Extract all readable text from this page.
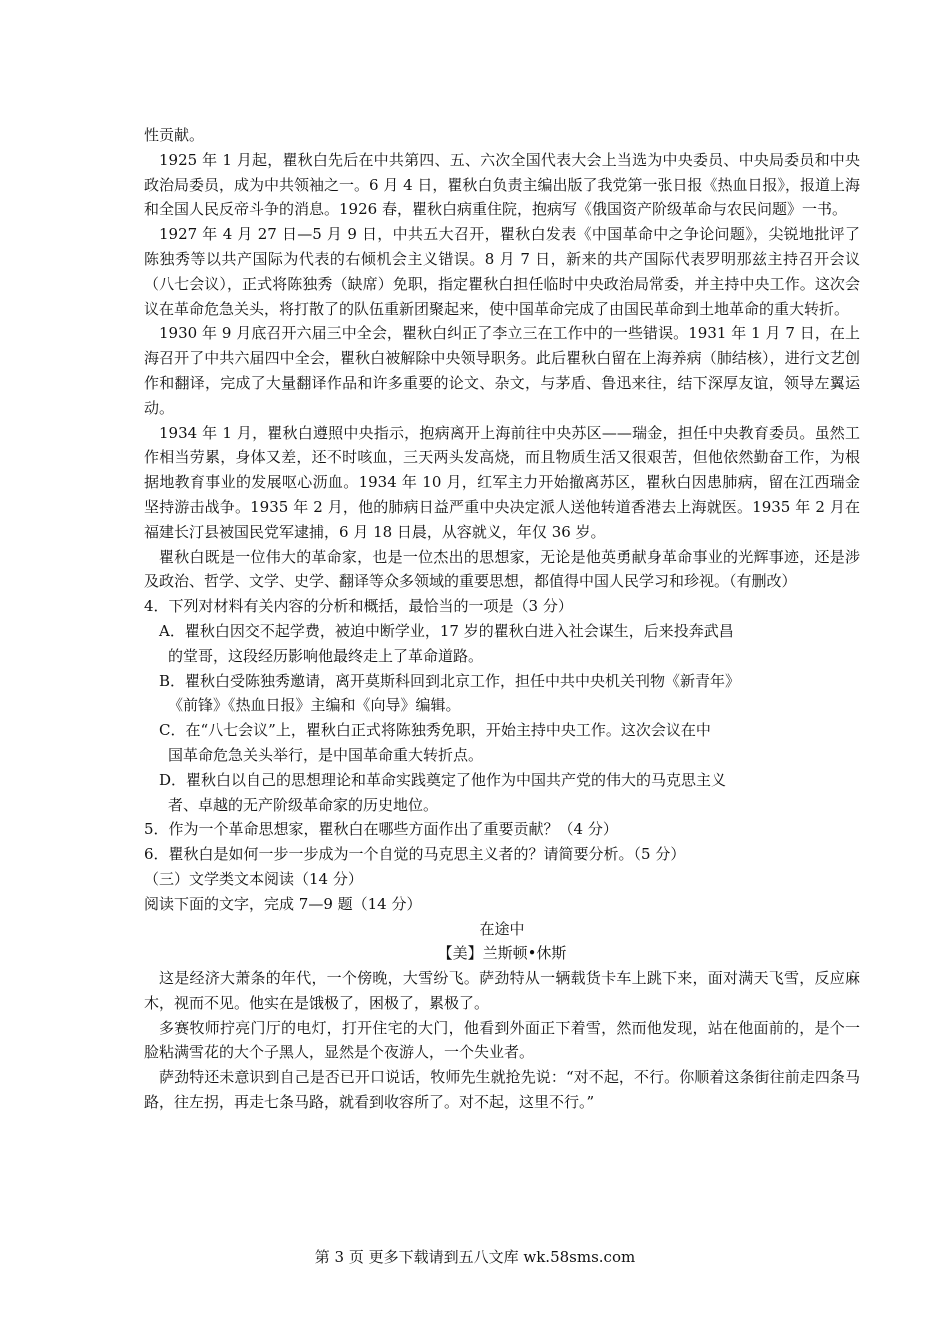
性贡献。

1925 年 1 月起，瞿秋白先后在中共第四、五、六次全国代表大会上当选为中央委员、中央局委员和中央政治局委员，成为中共领袖之一。6 月 4 日，瞿秋白负责主编出版了我党第一张日报《热血日报》，报道上海和全国人民反帝斗争的消息。1926 春，瞿秋白病重住院，抱病写《俄国资产阶级革命与农民问题》一书。

1927 年 4 月 27 日—5 月 9 日，中共五大召开，瞿秋白发表《中国革命中之争论问题》，尖锐地批评了陈独秀等以共产国际为代表的右倾机会主义错误。8 月 7 日，新来的共产国际代表罗明那兹主持召开会议（八七会议），正式将陈独秀（缺席）免职，指定瞿秋白担任临时中央政治局常委，并主持中央工作。这次会议在革命危急关头，将打散了的队伍重新团聚起来，使中国革命完成了由国民革命到土地革命的重大转折。

1930 年 9 月底召开六届三中全会，瞿秋白纠正了李立三在工作中的一些错误。1931 年 1 月 7 日，在上海召开了中共六届四中全会，瞿秋白被解除中央领导职务。此后瞿秋白留在上海养病（肺结核），进行文艺创作和翻译，完成了大量翻译作品和许多重要的论文、杂文，与茅盾、鲁迅来往，结下深厚友谊，领导左翼运动。

1934 年 1 月，瞿秋白遵照中央指示，抱病离开上海前往中央苏区——瑞金，担任中央教育委员。虽然工作相当劳累，身体又差，还不时咳血，三天两头发高烧，而且物质生活又很艰苦，但他依然勤奋工作，为根据地教育事业的发展呕心沥血。1934 年 10 月，红军主力开始撤离苏区，瞿秋白因患肺病，留在江西瑞金坚持游击战争。1935 年 2 月，他的肺病日益严重中央决定派人送他转道香港去上海就医。1935 年 2 月在福建长汀县被国民党军逮捕，6 月 18 日晨，从容就义，年仅 36 岁。

瞿秋白既是一位伟大的革命家，也是一位杰出的思想家，无论是他英勇献身革命事业的光辉事迹，还是涉及政治、哲学、文学、史学、翻译等众多领域的重要思想，都值得中国人民学习和珍视。（有删改）

4．下列对材料有关内容的分析和概括，最恰当的一项是（3 分）

A．瞿秋白因交不起学费，被迫中断学业，17 岁的瞿秋白进入社会谋生，后来投奔武昌

的堂哥，这段经历影响他最终走上了革命道路。

B．瞿秋白受陈独秀邀请，离开莫斯科回到北京工作，担任中共中央机关刊物《新青年》

《前锋》《热血日报》主编和《向导》编辑。

C．在“八七会议”上，瞿秋白正式将陈独秀免职，开始主持中央工作。这次会议在中

国革命危急关头举行，是中国革命重大转折点。

D．瞿秋白以自己的思想理论和革命实践奠定了他作为中国共产党的伟大的马克思主义

者、卓越的无产阶级革命家的历史地位。

5．作为一个革命思想家，瞿秋白在哪些方面作出了重要贡献？（4 分）

6．瞿秋白是如何一步一步成为一个自觉的马克思主义者的？请简要分析。（5 分）

（三）文学类文本阅读（14 分）

阅读下面的文字，完成 7—9 题（14 分）

在途中

【美】兰斯顿•休斯

这是经济大萧条的年代，一个傍晚，大雪纷飞。萨劲特从一辆载货卡车上跳下来，面对满天飞雪，反应麻木，视而不见。他实在是饿极了，困极了，累极了。

多赛牧师拧亮门厅的电灯，打开住宅的大门，他看到外面正下着雪，然而他发现，站在他面前的，是个一脸粘满雪花的大个子黑人，显然是个夜游人，一个失业者。

萨劲特还未意识到自己是否已开口说话，牧师先生就抢先说：“对不起，不行。你顺着这条街往前走四条马路，往左拐，再走七条马路，就看到收容所了。对不起，这里不行。”

第 3 页 更多下载请到五八文库 wk.58sms.com
